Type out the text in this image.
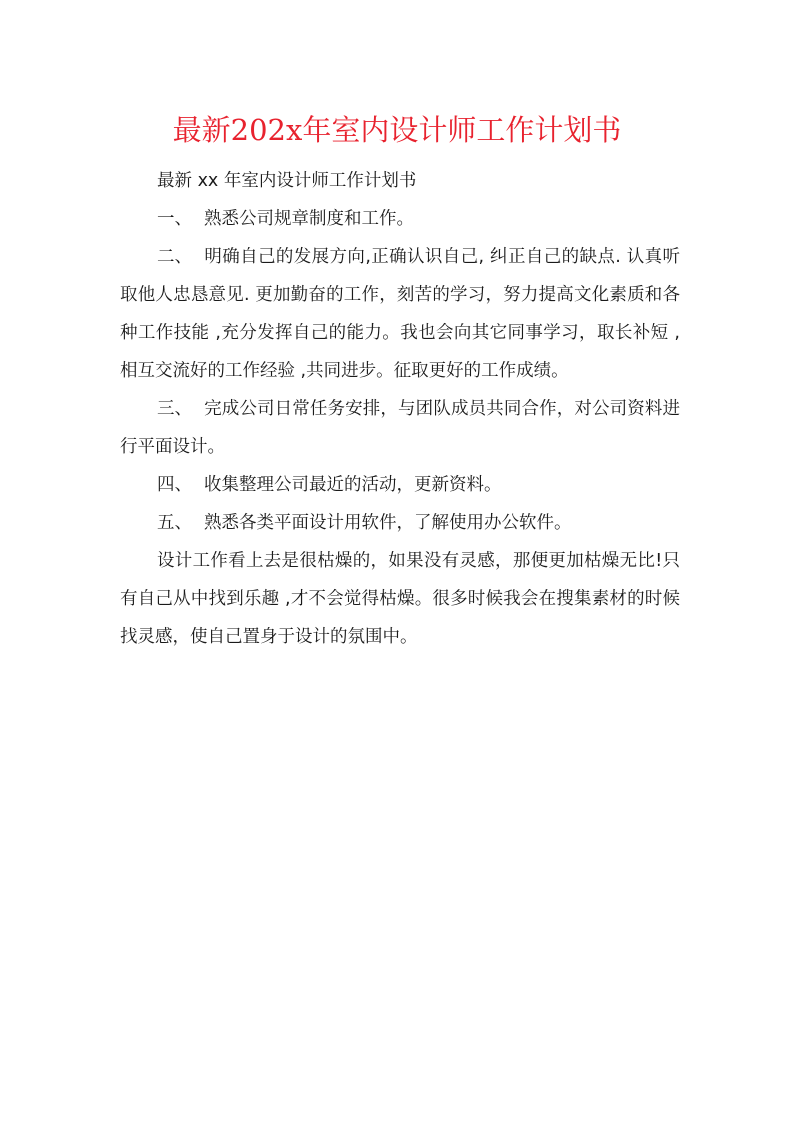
最新202x年室内设计师工作计划书

最新 xx 年室内设计师工作计划书

一、 熟悉公司规章制度和工作。

二、 明确自己的发展方向,正确认识自己, 纠正自己的缺点. 认真听取他人忠恳意见. 更加勤奋的工作，刻苦的学习，努力提高文化素质和各种工作技能 ,充分发挥自己的能力。我也会向其它同事学习，取长补短 ,相互交流好的工作经验 ,共同进步。征取更好的工作成绩。

三、 完成公司日常任务安排，与团队成员共同合作，对公司资料进行平面设计。

四、 收集整理公司最近的活动，更新资料。

五、 熟悉各类平面设计用软件，了解使用办公软件。

设计工作看上去是很枯燥的，如果没有灵感，那便更加枯燥无比!只有自己从中找到乐趣 ,才不会觉得枯燥。很多时候我会在搜集素材的时候找灵感，使自己置身于设计的氛围中。
